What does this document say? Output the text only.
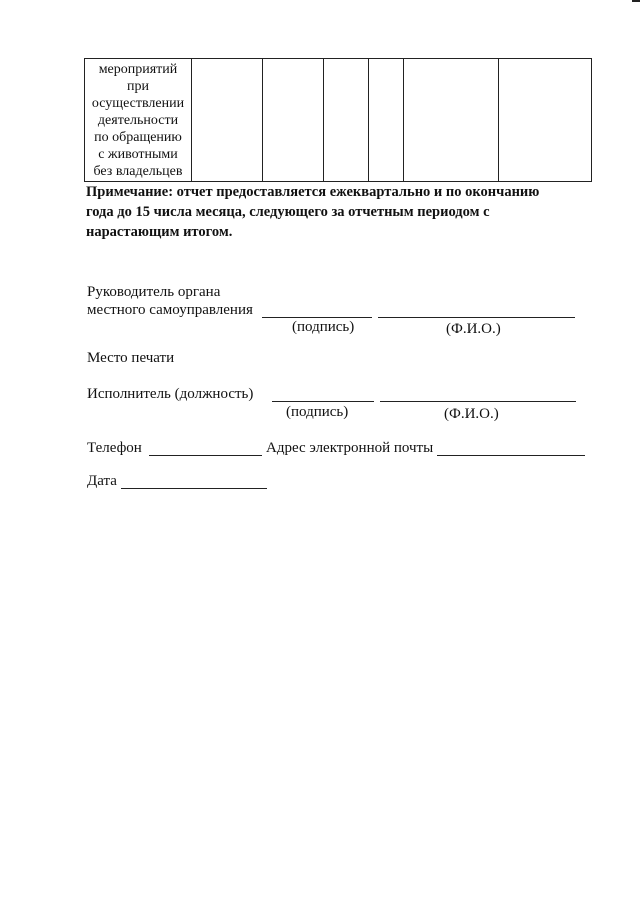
мероприятий
при
осуществлении
деятельности
по обращению
с животными
без владельцев

Примечание: отчет предоставляется ежеквартально и по окончанию
года до 15 числа месяца, следующего за отчетным периодом с
нарастающим итогом.
Руководитель органа
местного самоуправления
(подпись)	(Ф.И.О.)
Место печати
Исполнитель (должность)
(подпись)	(Ф.И.О.)
Телефон	Адрес электронной почты
Дата
